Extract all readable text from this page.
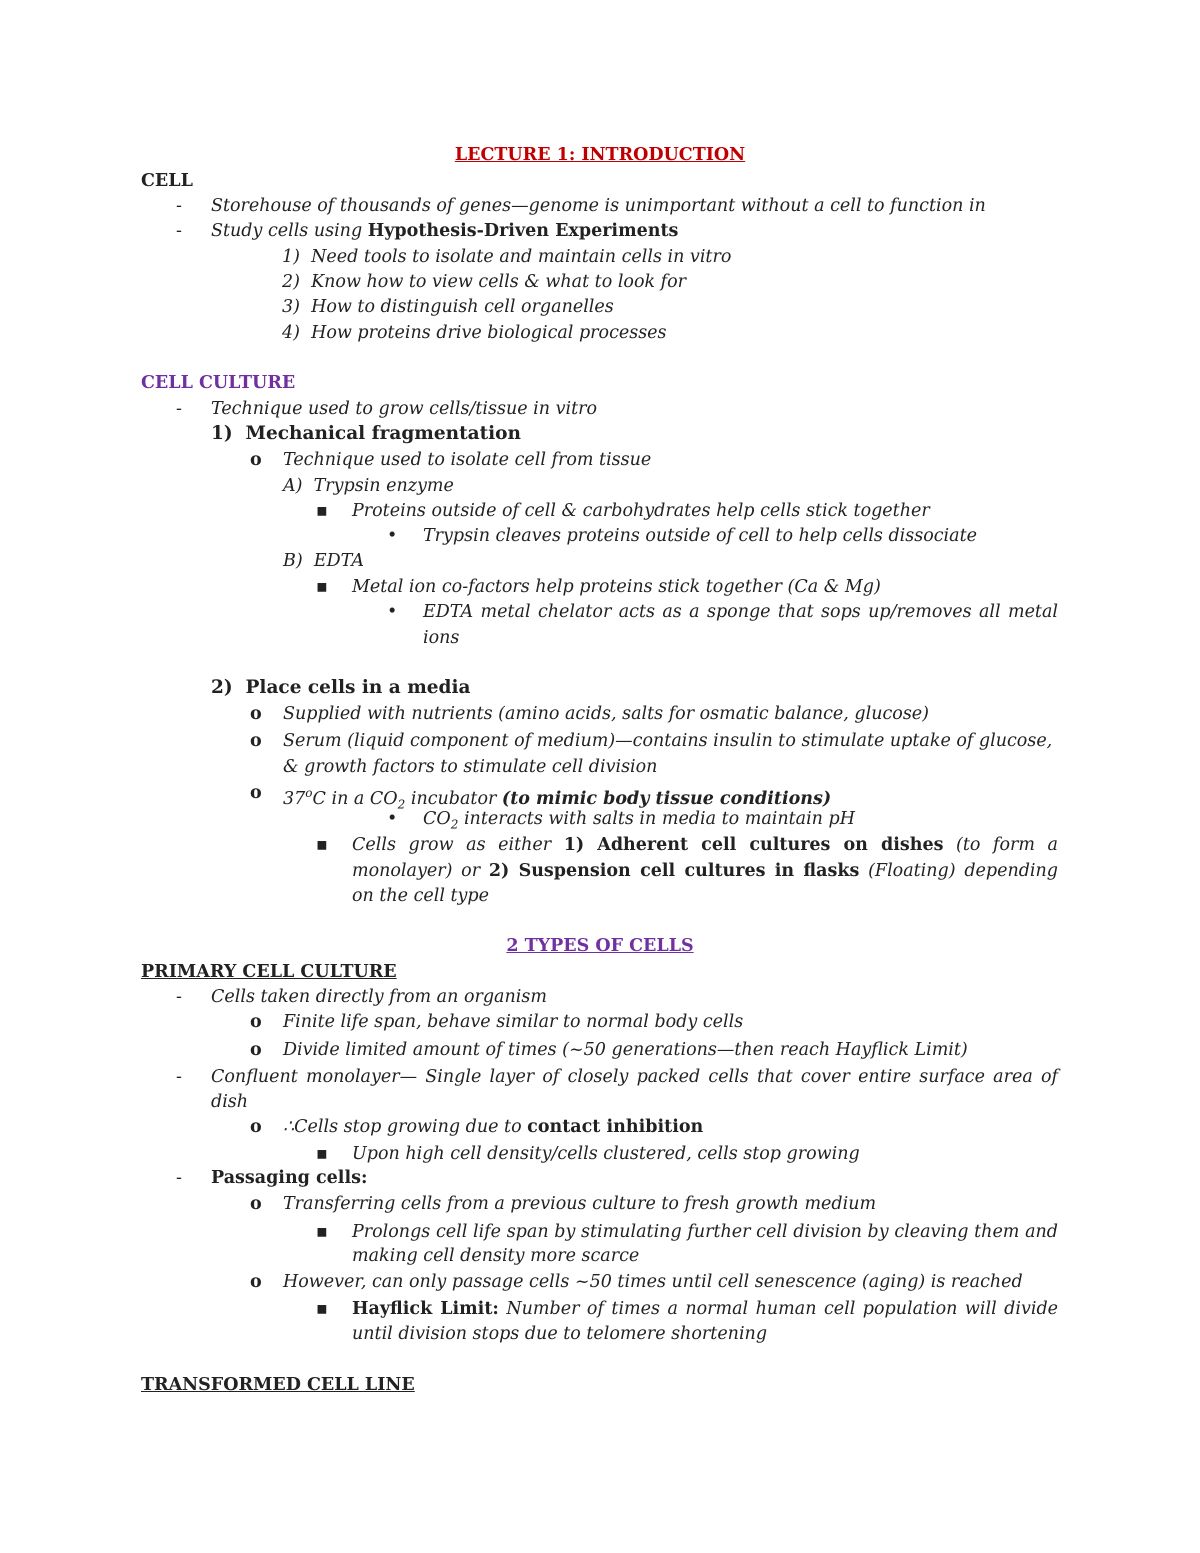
LECTURE 1: INTRODUCTION
CELL
- Storehouse of thousands of genes—genome is unimportant without a cell to function in
- Study cells using Hypothesis-Driven Experiments
1)  Need tools to isolate and maintain cells in vitro
2)  Know how to view cells & what to look for
3)  How to distinguish cell organelles
4)  How proteins drive biological processes
CELL CULTURE
- Technique used to grow cells/tissue in vitro
1)  Mechanical fragmentation
o Technique used to isolate cell from tissue
A)  Trypsin enzyme
▪ Proteins outside of cell & carbohydrates help cells stick together
• Trypsin cleaves proteins outside of cell to help cells dissociate
B)  EDTA
▪ Metal ion co-factors help proteins stick together (Ca & Mg)
• EDTA metal chelator acts as a sponge that sops up/removes all metal
ions
2)  Place cells in a media
o Supplied with nutrients (amino acids, salts for osmatic balance, glucose)
o Serum (liquid component of medium)—contains insulin to stimulate uptake of glucose,
& growth factors to stimulate cell division
o 37$^o$C in a $CO_2$ incubator (to mimic body tissue conditions)
• $CO_2$ interacts with salts in media to maintain pH
▪ Cells grow as either 1) Adherent cell cultures on dishes (to form a
monolayer) or 2) Suspension cell cultures in flasks (Floating) depending
on the cell type
2 TYPES OF CELLS
PRIMARY CELL CULTURE
- Cells taken directly from an organism
o Finite life span, behave similar to normal body cells
o Divide limited amount of times (~50 generations—then reach Hayflick Limit)
- Confluent monolayer— Single layer of closely packed cells that cover entire surface area of
dish
o ∴Cells stop growing due to contact inhibition
▪ Upon high cell density/cells clustered, cells stop growing
- Passaging cells:
o Transferring cells from a previous culture to fresh growth medium
▪ Prolongs cell life span by stimulating further cell division by cleaving them and
making cell density more scarce
o However, can only passage cells ~50 times until cell senescence (aging) is reached
▪ Hayflick Limit: Number of times a normal human cell population will divide
until division stops due to telomere shortening
TRANSFORMED CELL LINE
